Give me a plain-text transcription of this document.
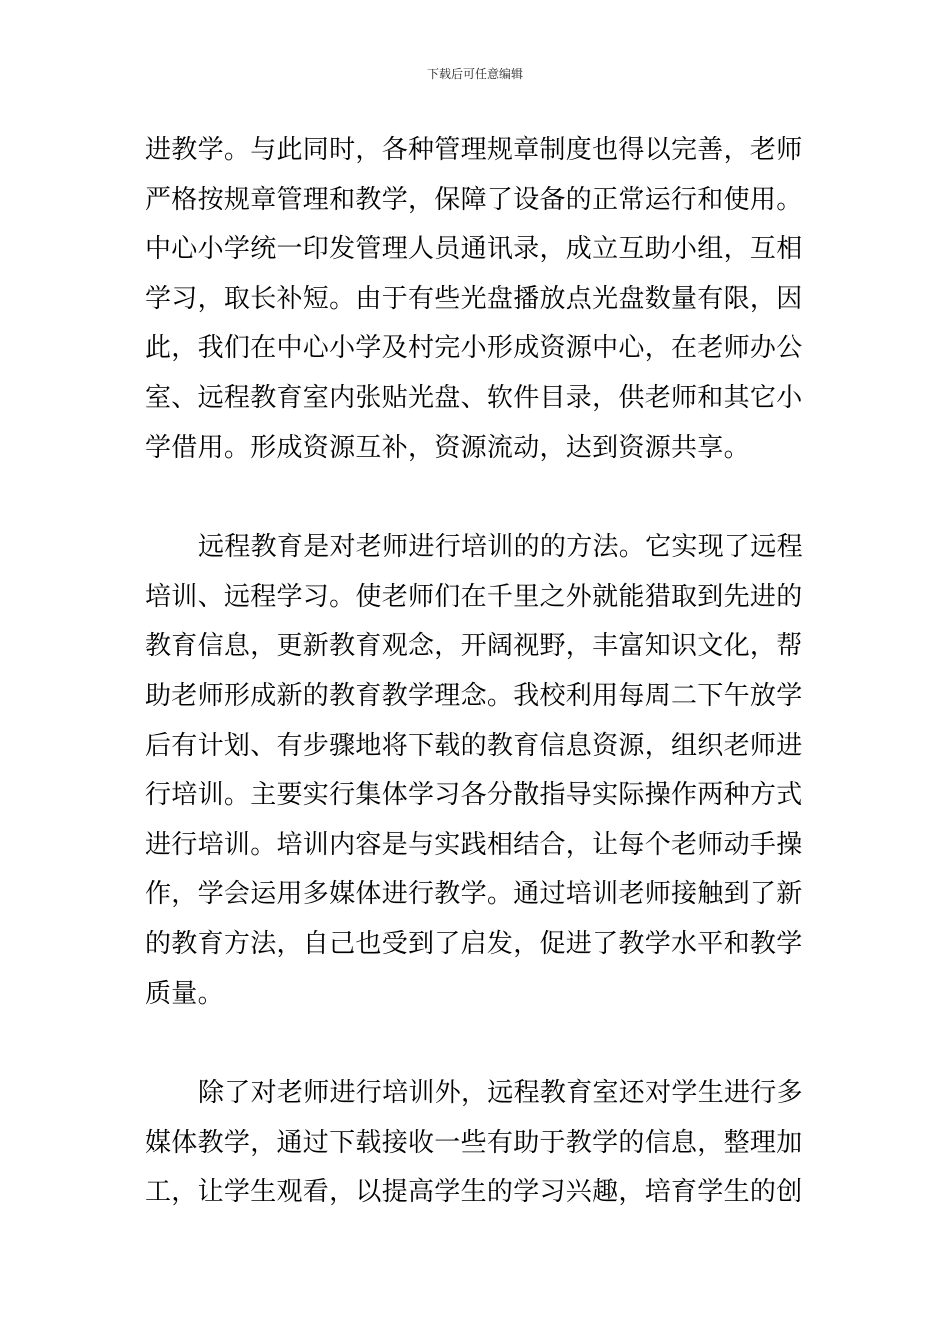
下载后可任意编辑

进教学。与此同时，各种管理规章制度也得以完善，老师
严格按规章管理和教学，保障了设备的正常运行和使用。
中心小学统一印发管理人员通讯录，成立互助小组，互相
学习，取长补短。由于有些光盘播放点光盘数量有限，因
此，我们在中心小学及村完小形成资源中心，在老师办公
室、远程教育室内张贴光盘、软件目录，供老师和其它小
学借用。形成资源互补，资源流动，达到资源共享。

远程教育是对老师进行培训的的方法。它实现了远程
培训、远程学习。使老师们在千里之外就能猎取到先进的
教育信息，更新教育观念，开阔视野，丰富知识文化，帮
助老师形成新的教育教学理念。我校利用每周二下午放学
后有计划、有步骤地将下载的教育信息资源，组织老师进
行培训。主要实行集体学习各分散指导实际操作两种方式
进行培训。培训内容是与实践相结合，让每个老师动手操
作，学会运用多媒体进行教学。通过培训老师接触到了新
的教育方法，自己也受到了启发，促进了教学水平和教学
质量。

除了对老师进行培训外，远程教育室还对学生进行多
媒体教学，通过下载接收一些有助于教学的信息，整理加
工，让学生观看，以提高学生的学习兴趣，培育学生的创
